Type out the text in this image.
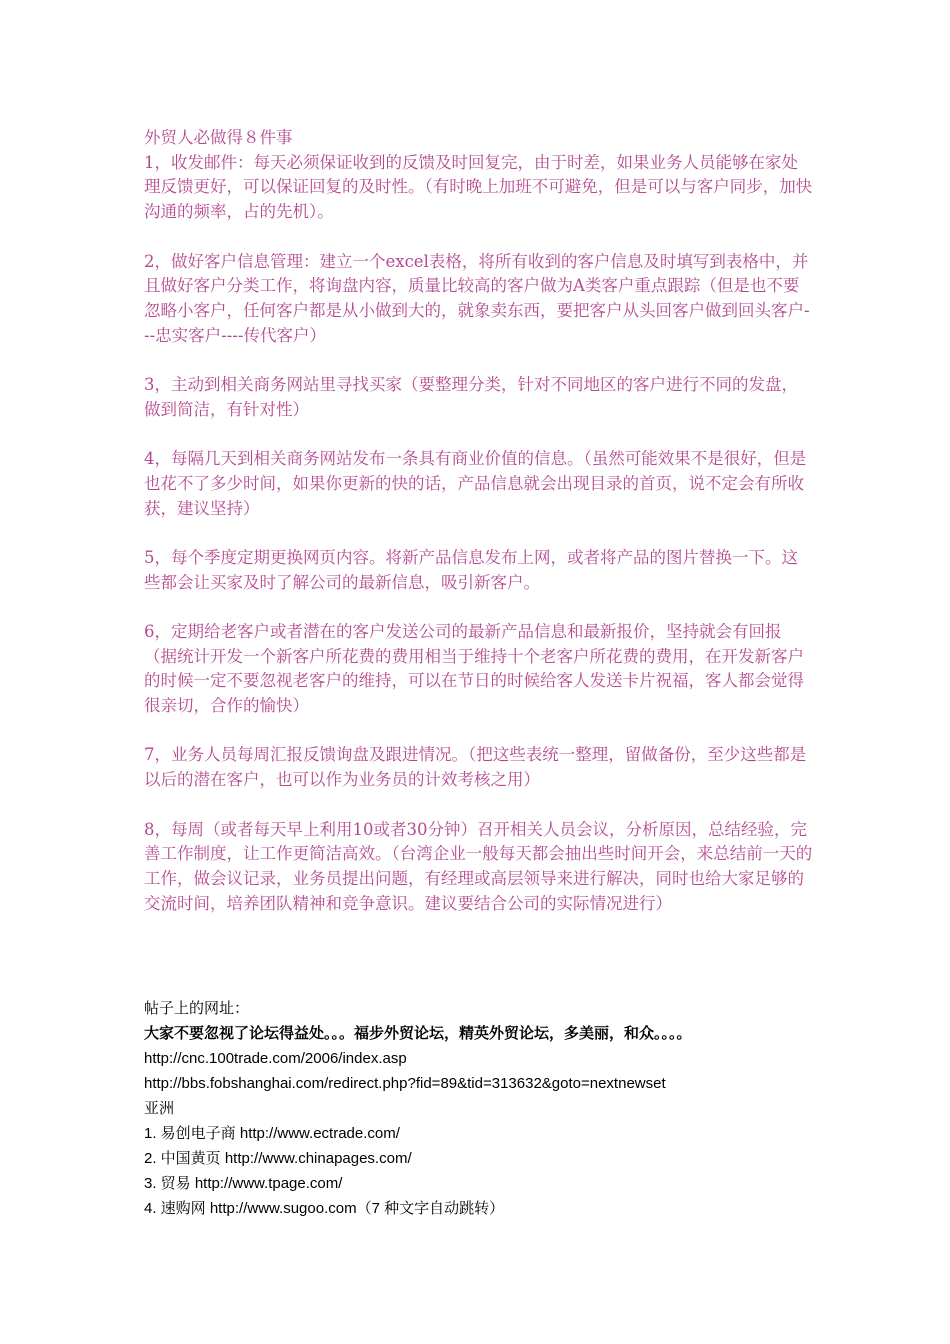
外贸人必做得８件事

1，收发邮件：每天必须保证收到的反馈及时回复完，由于时差，如果业务人员能够在家处理反馈更好，可以保证回复的及时性。（有时晚上加班不可避免，但是可以与客户同步，加快沟通的频率，占的先机）。

2，做好客户信息管理：建立一个excel表格，将所有收到的客户信息及时填写到表格中，并且做好客户分类工作，将询盘内容，质量比较高的客户做为A类客户重点跟踪（但是也不要忽略小客户，任何客户都是从小做到大的，就象卖东西，要把客户从头回客户做到回头客户---忠实客户----传代客户）

3，主动到相关商务网站里寻找买家（要整理分类，针对不同地区的客户进行不同的发盘，做到简洁，有针对性）

4，每隔几天到相关商务网站发布一条具有商业价值的信息。（虽然可能效果不是很好，但是也花不了多少时间，如果你更新的快的话，产品信息就会出现目录的首页，说不定会有所收获，建议坚持）

5，每个季度定期更换网页内容。将新产品信息发布上网，或者将产品的图片替换一下。这些都会让买家及时了解公司的最新信息，吸引新客户。

6，定期给老客户或者潜在的客户发送公司的最新产品信息和最新报价，坚持就会有回报（据统计开发一个新客户所花费的费用相当于维持十个老客户所花费的费用，在开发新客户的时候一定不要忽视老客户的维持，可以在节日的时候给客人发送卡片祝福，客人都会觉得很亲切，合作的愉快）

7，业务人员每周汇报反馈询盘及跟进情况。（把这些表统一整理，留做备份，至少这些都是以后的潜在客户，也可以作为业务员的计效考核之用）

8，每周（或者每天早上利用10或者30分钟）召开相关人员会议，分析原因，总结经验，完善工作制度，让工作更简洁高效。（台湾企业一般每天都会抽出些时间开会，来总结前一天的工作，做会议记录，业务员提出问题，有经理或高层领导来进行解决，同时也给大家足够的交流时间，培养团队精神和竞争意识。建议要结合公司的实际情况进行）

帖子上的网址：

大家不要忽视了论坛得益处。。。福步外贸论坛，精英外贸论坛，多美丽，和众。。。。

http://cnc.100trade.com/2006/index.asp

http://bbs.fobshanghai.com/redirect.php?fid=89&tid=313632&goto=nextnewset

亚洲

1. 易创电子商 http://www.ectrade.com/

2. 中国黄页 http://www.chinapages.com/

3. 贸易 http://www.tpage.com/

4. 速购网 http://www.sugoo.com（7 种文字自动跳转）
